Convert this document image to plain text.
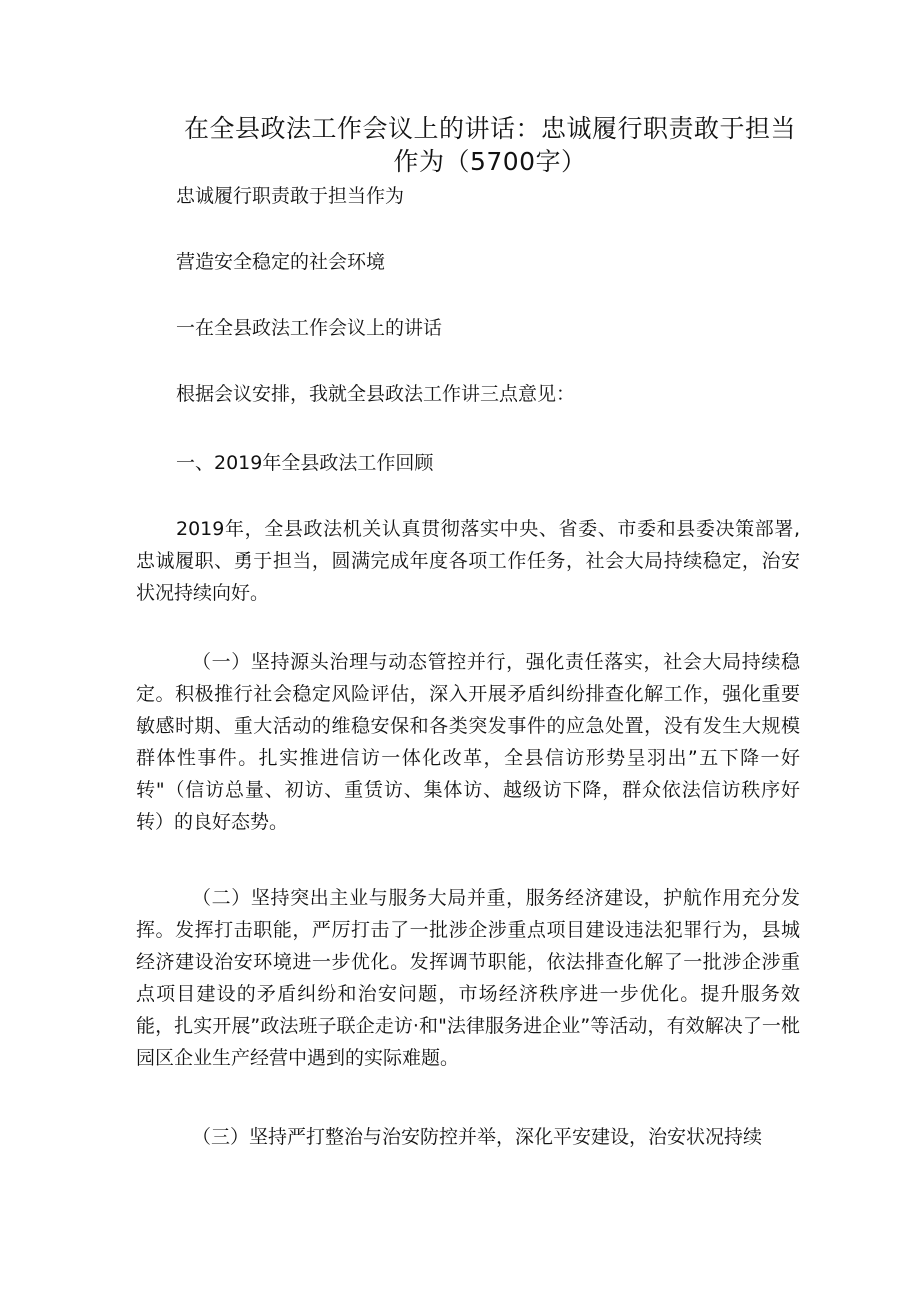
在全县政法工作会议上的讲话：忠诚履行职责敢于担当作为（5700字）
忠诚履行职责敢于担当作为
营造安全稳定的社会环境
一在全县政法工作会议上的讲话
根据会议安排，我就全县政法工作讲三点意见：
一、2019年全县政法工作回顾
2019年，全县政法机关认真贯彻落实中央、省委、市委和县委决策部署,忠诚履职、勇于担当，圆满完成年度各项工作任务，社会大局持续稳定，治安状况持续向好。
（一）坚持源头治理与动态管控并行，强化责任落实，社会大局持续稳定。积极推行社会稳定风险评估，深入开展矛盾纠纷排查化解工作，强化重要敏感时期、重大活动的维稳安保和各类突发事件的应急处置，没有发生大规模群体性事件。扎实推进信访一体化改革，全县信访形势呈羽出”五下降一好转"（信访总量、初访、重赁访、集体访、越级访下降，群众依法信访秩序好转）的良好态势。
（二）坚持突出主业与服务大局并重，服务经济建设，护航作用充分发挥。发挥打击职能，严厉打击了一批涉企涉重点项目建设违法犯罪行为，县城经济建设治安环境进一步优化。发挥调节职能，依法排查化解了一批涉企涉重点项目建设的矛盾纠纷和治安问题，市场经济秩序进一步优化。提升服务效能，扎实开展”政法班子联企走访·和"法律服务进企业”等活动，有效解决了一枇园区企业生产经营中遇到的实际难题。
（三）坚持严打整治与治安防控并举，深化平安建设，治安状况持续
